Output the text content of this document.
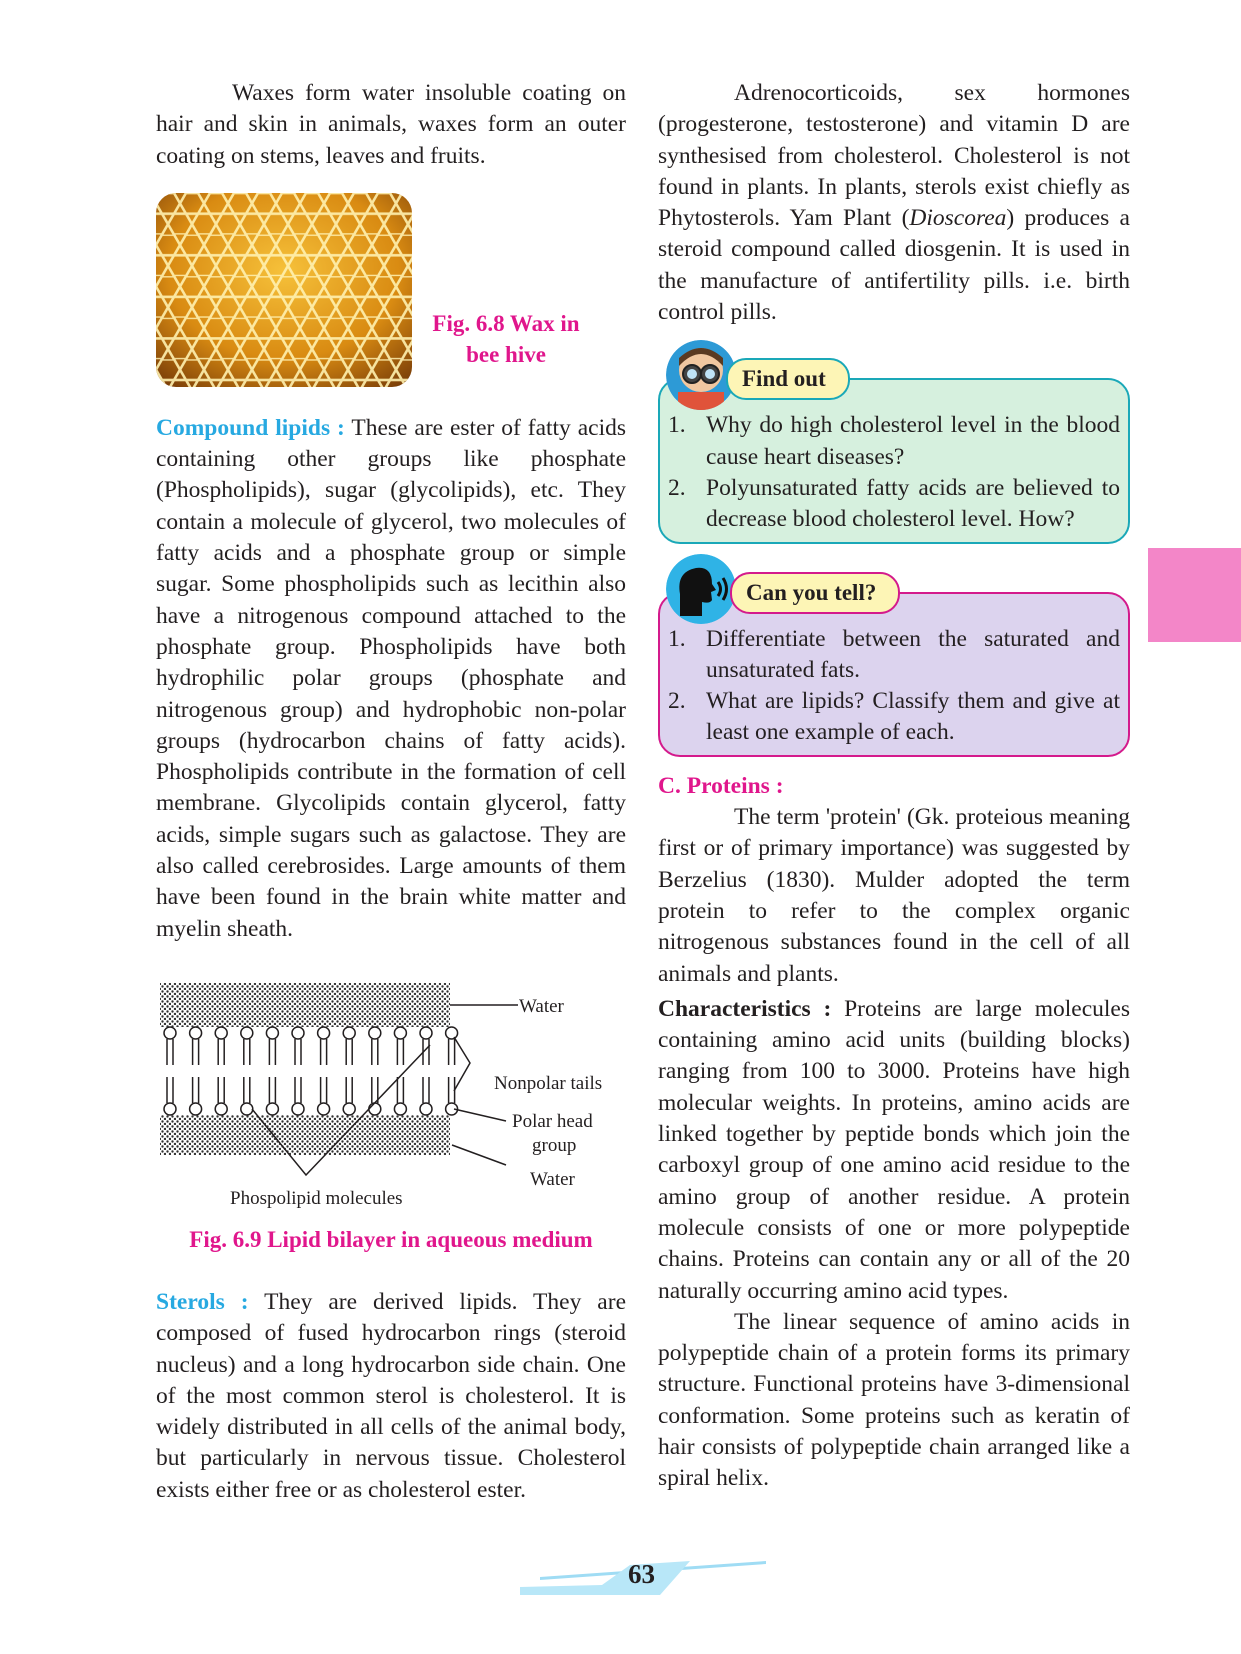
Waxes form water insoluble coating on hair and skin in animals, waxes form an outer coating on stems, leaves and fruits.

Fig. 6.8 Wax in
bee hive

Compound lipids : These are ester of fatty acids containing other groups like phosphate (Phospholipids), sugar (glycolipids), etc. They contain a molecule of glycerol, two molecules of fatty acids and a phosphate group or simple sugar. Some phospholipids such as lecithin also have a nitrogenous compound attached to the phosphate group. Phospholipids have both hydrophilic polar groups (phosphate and nitrogenous group) and hydrophobic non-polar groups (hydrocarbon chains of fatty acids). Phospholipids contribute in the formation of cell membrane. Glycolipids contain glycerol, fatty acids, simple sugars such as galactose. They are also called cerebrosides. Large amounts of them have been found in the brain white matter and myelin sheath.

Water
Nonpolar tails
Polar head
group
Water
Phospolipid molecules
Fig. 6.9 Lipid bilayer in aqueous medium

Sterols : They are derived lipids. They are composed of fused hydrocarbon rings (steroid nucleus) and a long hydrocarbon side chain. One of the most common sterol is cholesterol. It is widely distributed in all cells of the animal body, but particularly in nervous tissue. Cholesterol exists either free or as cholesterol ester.

Adrenocorticoids, sex hormones (progesterone, testosterone) and vitamin D are synthesised from cholesterol. Cholesterol is not found in plants. In plants, sterols exist chiefly as Phytosterols. Yam Plant (Dioscorea) produces a steroid compound called diosgenin. It is used in the manufacture of antifertility pills. i.e. birth control pills.

Find out
1. Why do high cholesterol level in the blood cause heart diseases?
2. Polyunsaturated fatty acids are believed to decrease blood cholesterol level. How?
Can you tell?
1. Differentiate between the saturated and unsaturated fats.
2. What are lipids? Classify them and give at least one example of each.
C. Proteins :

The term 'protein' (Gk. proteious meaning first or of primary importance) was suggested by Berzelius (1830). Mulder adopted the term protein to refer to the complex organic nitrogenous substances found in the cell of all animals and plants.

Characteristics : Proteins are large molecules containing amino acid units (building blocks) ranging from 100 to 3000. Proteins have high molecular weights. In proteins, amino acids are linked together by peptide bonds which join the carboxyl group of one amino acid residue to the amino group of another residue. A protein molecule consists of one or more polypeptide chains. Proteins can contain any or all of the 20 naturally occurring amino acid types.

The linear sequence of amino acids in polypeptide chain of a protein forms its primary structure. Functional proteins have 3-dimensional conformation. Some proteins such as keratin of hair consists of polypeptide chain arranged like a spiral helix.

63
